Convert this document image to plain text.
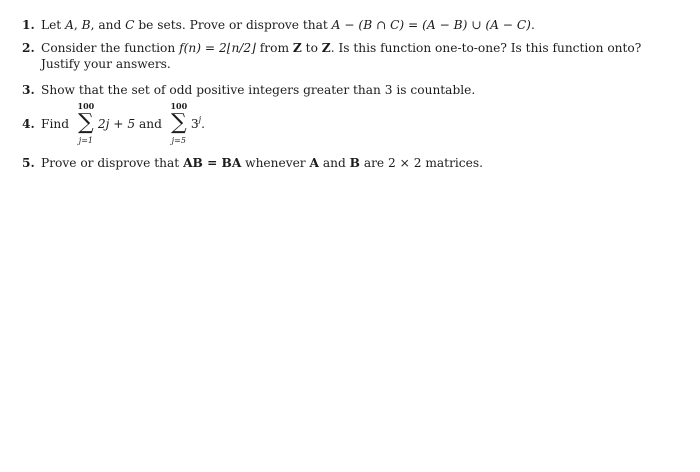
1. Let A, B, and C be sets. Prove or disprove that A − (B ∩ C) = (A − B) ∪ (A − C).
2. Consider the function f(n) = 2⌊n/2⌋ from Z to Z. Is this function one-to-one? Is this function onto?
Justify your answers.
3. Show that the set of odd positive integers greater than 3 is countable.
4. Find
100
∑
j=1
2j + 5 and
100
∑
j=5
3$^j$.
5. Prove or disprove that AB = BA whenever A and B are 2 × 2 matrices.
